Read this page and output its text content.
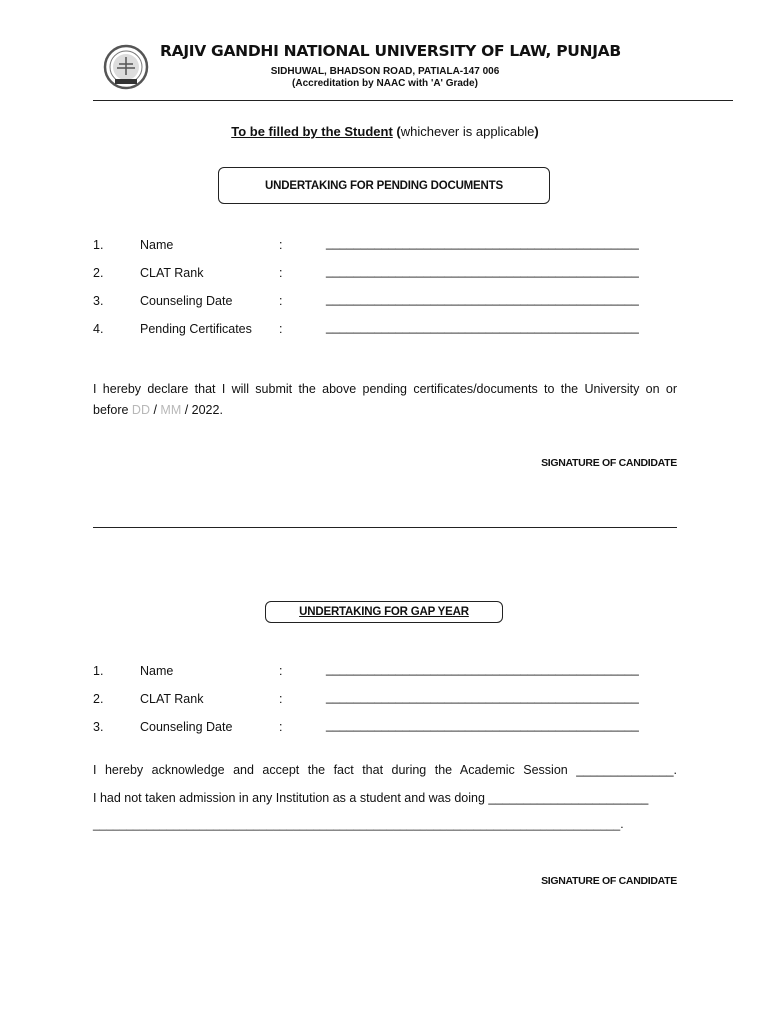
RAJIV GANDHI NATIONAL UNIVERSITY OF LAW, PUNJAB
SIDHUWAL, BHADSON ROAD, PATIALA-147 006
(Accreditation by NAAC with 'A' Grade)
To be filled by the Student (whichever is applicable)
UNDERTAKING FOR PENDING DOCUMENTS
1.	Name	:	_____________________________________________
2.	CLAT Rank	:	_____________________________________________
3.	Counseling Date	:	_____________________________________________
4.	Pending Certificates :	_____________________________________________
I hereby declare that I will submit the above pending certificates/documents to the University on or
before DD / MM / 2022.
SIGNATURE OF CANDIDATE
UNDERTAKING FOR GAP YEAR
1.	Name	:	_____________________________________________
2.	CLAT Rank	:	_____________________________________________
3.	Counseling Date	:	_____________________________________________
I hereby acknowledge and accept the fact that during the Academic Session ______________.
I had not taken admission in any Institution as a student and was doing _______________________
_______________________________________________________________________________.
SIGNATURE OF CANDIDATE
